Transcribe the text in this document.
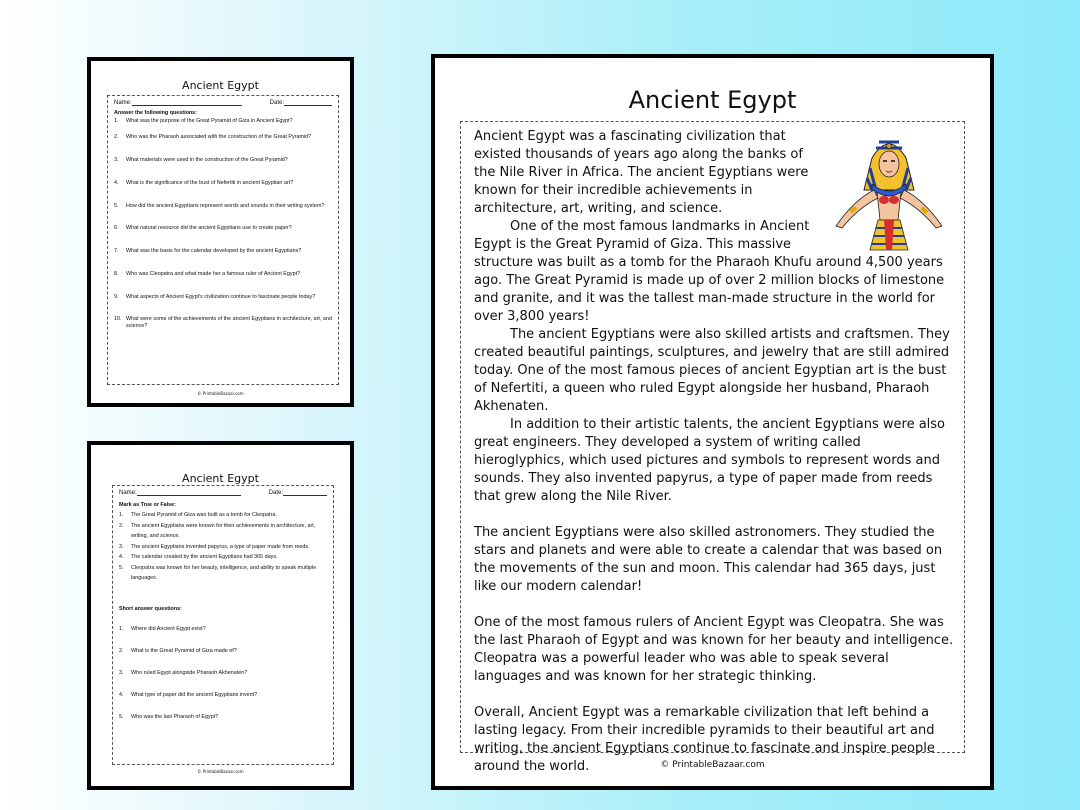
Ancient Egypt
Name:	Date:
Answer the following questions:
1.	What was the purpose of the Great Pyramid of Giza in Ancient Egypt?
2.	Who was the Pharaoh associated with the construction of the Great Pyramid?
3.	What materials were used in the construction of the Great Pyramid?
4.	What is the significance of the bust of Nefertiti in ancient Egyptian art?
5.	How did the ancient Egyptians represent words and sounds in their writing system?
6.	What natural resource did the ancient Egyptians use to create paper?
7.	What was the basis for the calendar developed by the ancient Egyptians?
8.	Who was Cleopatra and what made her a famous ruler of Ancient Egypt?
9.	What aspects of Ancient Egypt's civilization continue to fascinate people today?
10. What were some of the achievements of the ancient Egyptians in architecture, art, and science?
© PrintableBazaar.com
Ancient Egypt
Name:	Date:
Mark as True or False:
1.	The Great Pyramid of Giza was built as a tomb for Cleopatra.
2.	The ancient Egyptians were known for their achievements in architecture, art, writing, and science.
3.	The ancient Egyptians invented papyrus, a type of paper made from reeds.
4.	The calendar created by the ancient Egyptians had 365 days.
5.	Cleopatra was known for her beauty, intelligence, and ability to speak multiple languages.
Short answer questions:
1.	Where did Ancient Egypt exist?
2.	What is the Great Pyramid of Giza made of?
3.	Who ruled Egypt alongside Pharaoh Akhenaten?
4.	What type of paper did the ancient Egyptians invent?
5.	Who was the last Pharaoh of Egypt?
© PrintableBazaar.com
Ancient Egypt

Ancient Egypt was a fascinating civilization that existed thousands of years ago along the banks of the Nile River in Africa. The ancient Egyptians were known for their incredible achievements in architecture, art, writing, and science.

One of the most famous landmarks in Ancient Egypt is the Great Pyramid of Giza. This massive structure was built as a tomb for the Pharaoh Khufu around 4,500 years ago. The Great Pyramid is made up of over 2 million blocks of limestone and granite, and it was the tallest man-made structure in the world for over 3,800 years!

The ancient Egyptians were also skilled artists and craftsmen. They created beautiful paintings, sculptures, and jewelry that are still admired today. One of the most famous pieces of ancient Egyptian art is the bust of Nefertiti, a queen who ruled Egypt alongside her husband, Pharaoh Akhenaten.

In addition to their artistic talents, the ancient Egyptians were also great engineers. They developed a system of writing called hieroglyphics, which used pictures and symbols to represent words and sounds. They also invented papyrus, a type of paper made from reeds that grew along the Nile River.

The ancient Egyptians were also skilled astronomers. They studied the stars and planets and were able to create a calendar that was based on the movements of the sun and moon. This calendar had 365 days, just like our modern calendar!

One of the most famous rulers of Ancient Egypt was Cleopatra. She was the last Pharaoh of Egypt and was known for her beauty and intelligence. Cleopatra was a powerful leader who was able to speak several languages and was known for her strategic thinking.

Overall, Ancient Egypt was a remarkable civilization that left behind a lasting legacy. From their incredible pyramids to their beautiful art and writing, the ancient Egyptians continue to fascinate and inspire people around the world.	© PrintableBazaar.com
